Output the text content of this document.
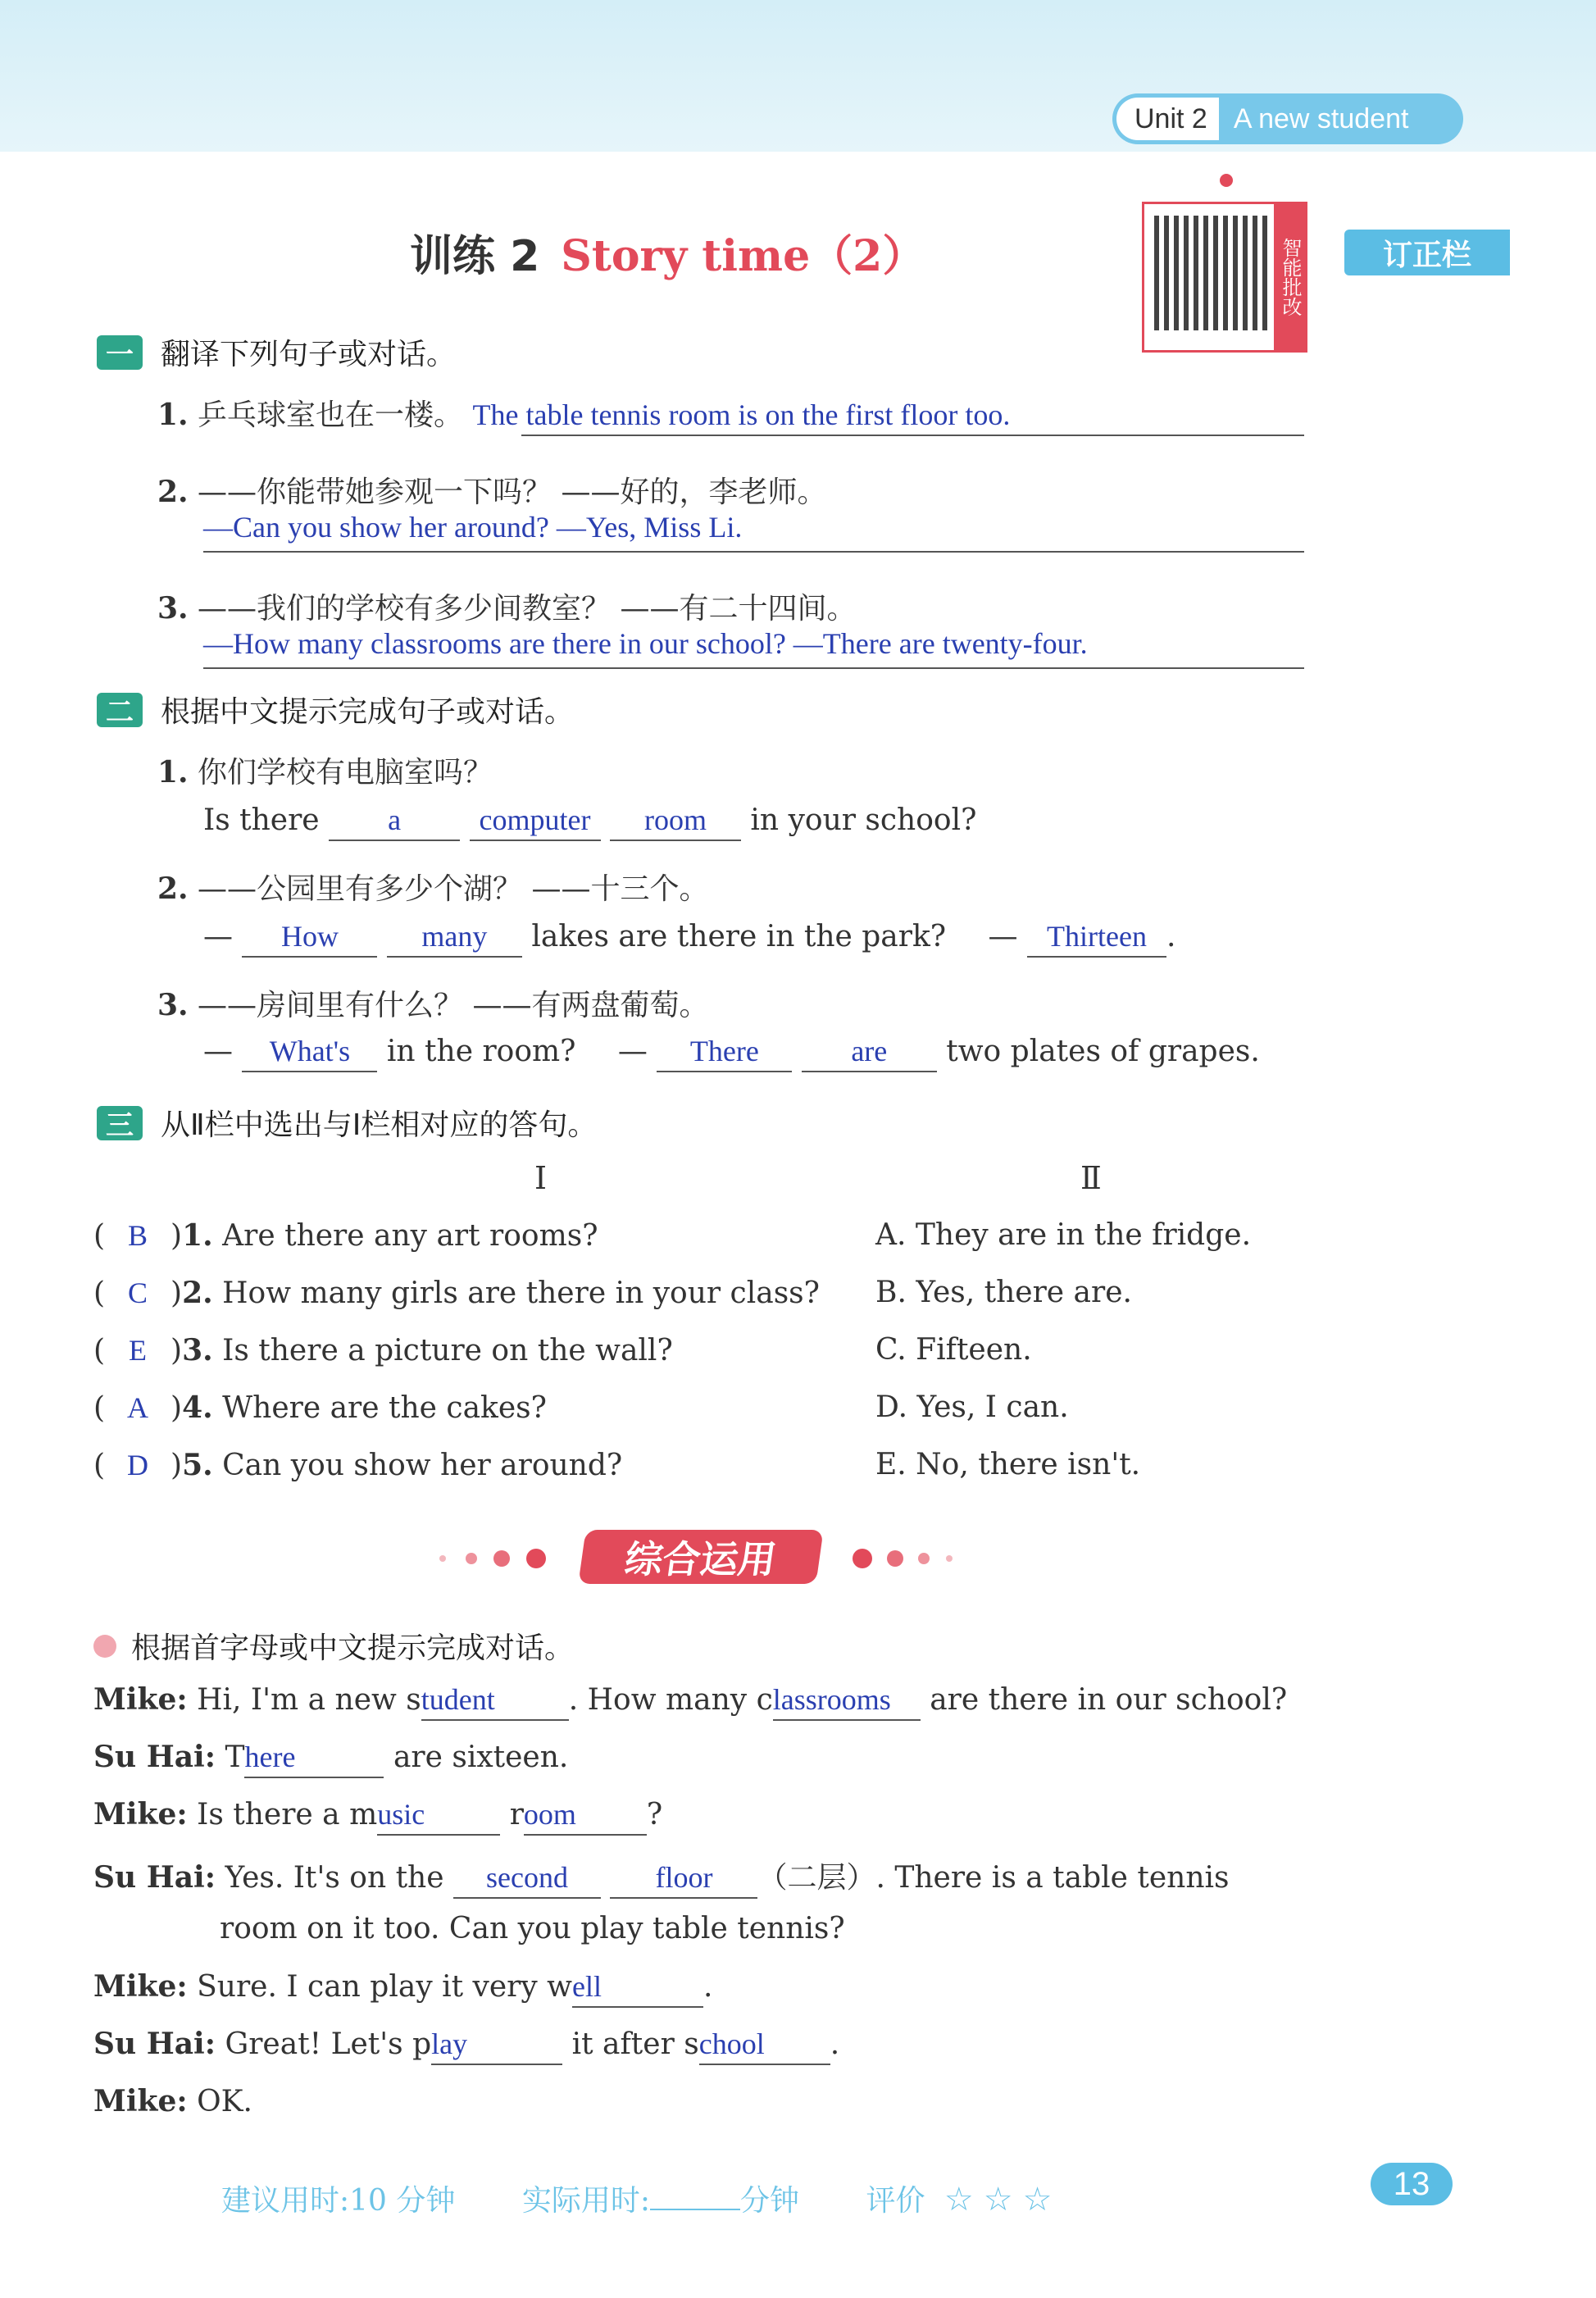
Unit 2 A new student
训练 2 Story time（2）	智能批改	订正栏
一 翻译下列句子或对话。
1. 乒乓球室也在一楼。 The table tennis room is on the first floor too.
2. ——你能带她参观一下吗？ ——好的，李老师。
—Can you show her around? —Yes, Miss Li.
3. ——我们的学校有多少间教室？ ——有二十四间。
—How many classrooms are there in our school? —There are twenty-four.
二 根据中文提示完成句子或对话。
1. 你们学校有电脑室吗？
Is there a	computer room in your school?
2. ——公园里有多少个湖？ ——十三个。
— How	many lakes are there in the park? — Thirteen .
3. ——房间里有什么？ ——有两盘葡萄。
— What's in the room? — There	are two plates of grapes.
三 从Ⅱ栏中选出与Ⅰ栏相对应的答句。
Ⅰ	Ⅱ
( B )1. Are there any art rooms?	A. They are in the fridge.
( C )2. How many girls are there in your class? B. Yes, there are.
( E )3. Is there a picture on the wall?	C. Fifteen.
( A )4. Where are the cakes?	D. Yes, I can.
( D )5. Can you show her around?	E. No, there isn't.
综合运用
根据首字母或中文提示完成对话。
Mike: Hi, I'm a new student	. How many classrooms are there in our school?
Su Hai: There	are sixteen.
Mike: Is there a music	room ?
Su Hai: Yes. It's on the second	floor （二层）. There is a table tennis
room on it too. Can you play table tennis?
Mike: Sure. I can play it very well	.
Su Hai: Great! Let's play	it after school .
Mike: OK.
建议用时:10 分钟 实际用时:	分钟 评价 ☆ ☆ ☆	13
